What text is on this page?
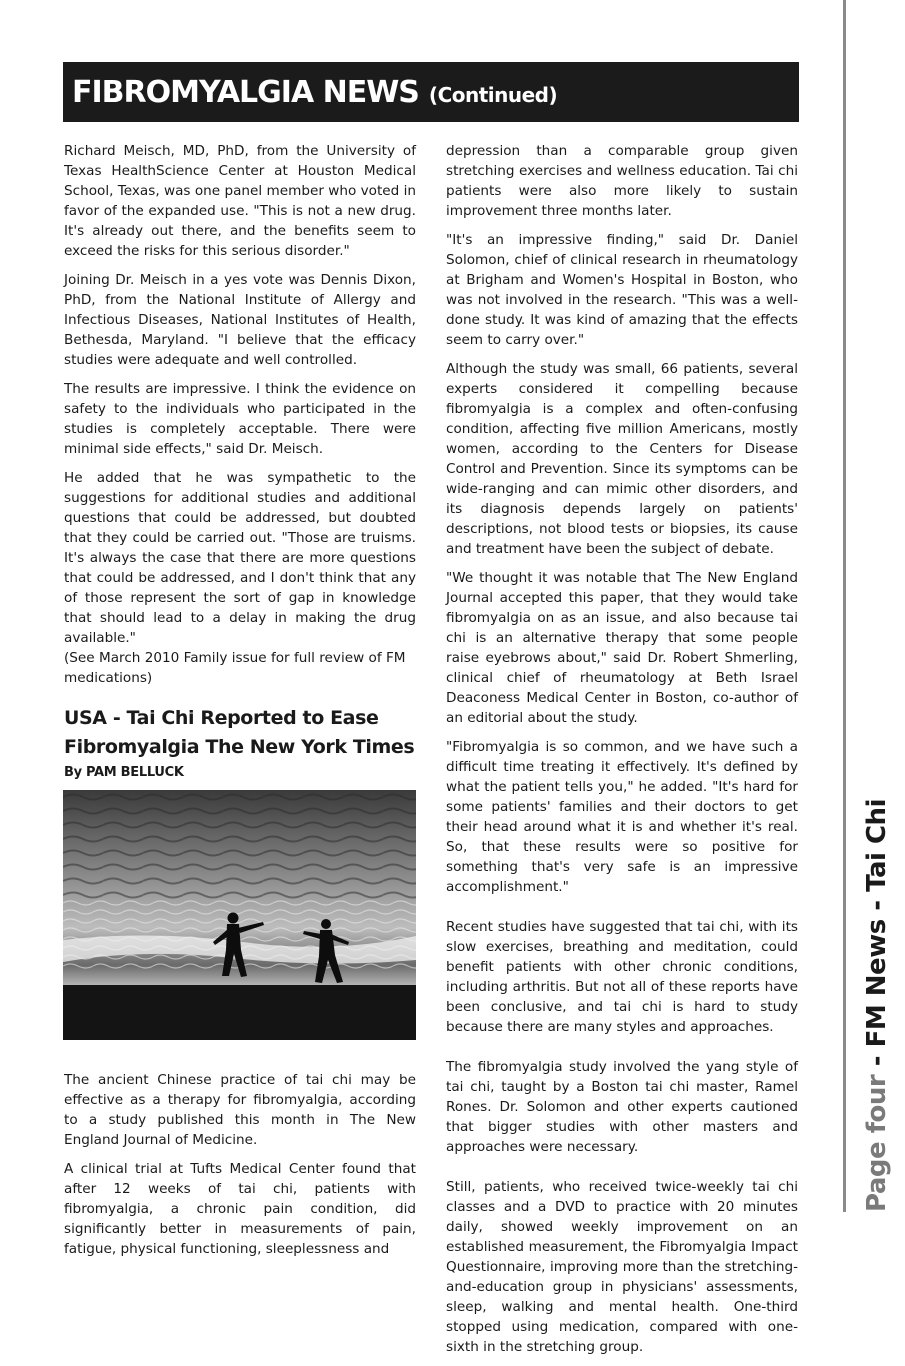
FIBROMYALGIA NEWS (Continued)

Richard Meisch, MD, PhD, from the University of Texas HealthScience Center at Houston Medical School, Texas, was one panel member who voted in favor of the expanded use. "This is not a new drug. It's already out there, and the benefits seem to exceed the risks for this serious disorder."

Joining Dr. Meisch in a yes vote was Dennis Dixon, PhD, from the National Institute of Allergy and Infectious Diseases, National Institutes of Health, Bethesda, Maryland. "I believe that the efficacy studies were adequate and well controlled.

The results are impressive. I think the evidence on safety to the individuals who participated in the studies is completely acceptable. There were minimal side effects," said Dr. Meisch.

He added that he was sympathetic to the suggestions for additional studies and additional questions that could be addressed, but doubted that they could be carried out. "Those are truisms. It's always the case that there are more questions that could be addressed, and I don't think that any of those represent the sort of gap in knowledge that should lead to a delay in making the drug available."

(See March 2010 Family issue for full review of FM medications)

USA - Tai Chi Reported to Ease Fibromyalgia The New York Times
By PAM BELLUCK

The ancient Chinese practice of tai chi may be effective as a therapy for fibromyalgia, according to a study published this month in The New England Journal of Medicine.

A clinical trial at Tufts Medical Center found that after 12 weeks of tai chi, patients with fibromyalgia, a chronic pain condition, did significantly better in measurements of pain, fatigue, physical functioning, sleeplessness and

depression than a comparable group given stretching exercises and wellness education. Tai chi patients were also more likely to sustain improvement three months later.

"It's an impressive finding," said Dr. Daniel Solomon, chief of clinical research in rheumatology at Brigham and Women's Hospital in Boston, who was not involved in the research. "This was a well-done study. It was kind of amazing that the effects seem to carry over."

Although the study was small, 66 patients, several experts considered it compelling because fibromyalgia is a complex and often-confusing condition, affecting five million Americans, mostly women, according to the Centers for Disease Control and Prevention. Since its symptoms can be wide-ranging and can mimic other disorders, and its diagnosis depends largely on patients' descriptions, not blood tests or biopsies, its cause and treatment have been the subject of debate.

"We thought it was notable that The New England Journal accepted this paper, that they would take fibromyalgia on as an issue, and also because tai chi is an alternative therapy that some people raise eyebrows about," said Dr. Robert Shmerling, clinical chief of rheumatology at Beth Israel Deaconess Medical Center in Boston, co-author of an editorial about the study.

"Fibromyalgia is so common, and we have such a difficult time treating it effectively. It's defined by what the patient tells you," he added. "It's hard for some patients' families and their doctors to get their head around what it is and whether it's real. So, that these results were so positive for something that's very safe is an impressive accomplishment."

Recent studies have suggested that tai chi, with its slow exercises, breathing and meditation, could benefit patients with other chronic conditions, including arthritis. But not all of these reports have been conclusive, and tai chi is hard to study because there are many styles and approaches.

The fibromyalgia study involved the yang style of tai chi, taught by a Boston tai chi master, Ramel Rones. Dr. Solomon and other experts cautioned that bigger studies with other masters and approaches were necessary.

Still, patients, who received twice-weekly tai chi classes and a DVD to practice with 20 minutes daily, showed weekly improvement on an established measurement, the Fibromyalgia Impact Questionnaire, improving more than the stretching-and-education group in physicians' assessments, sleep, walking and mental health. One-third stopped using medication, compared with one-sixth in the stretching group.

Page four - FM News - Tai Chi
